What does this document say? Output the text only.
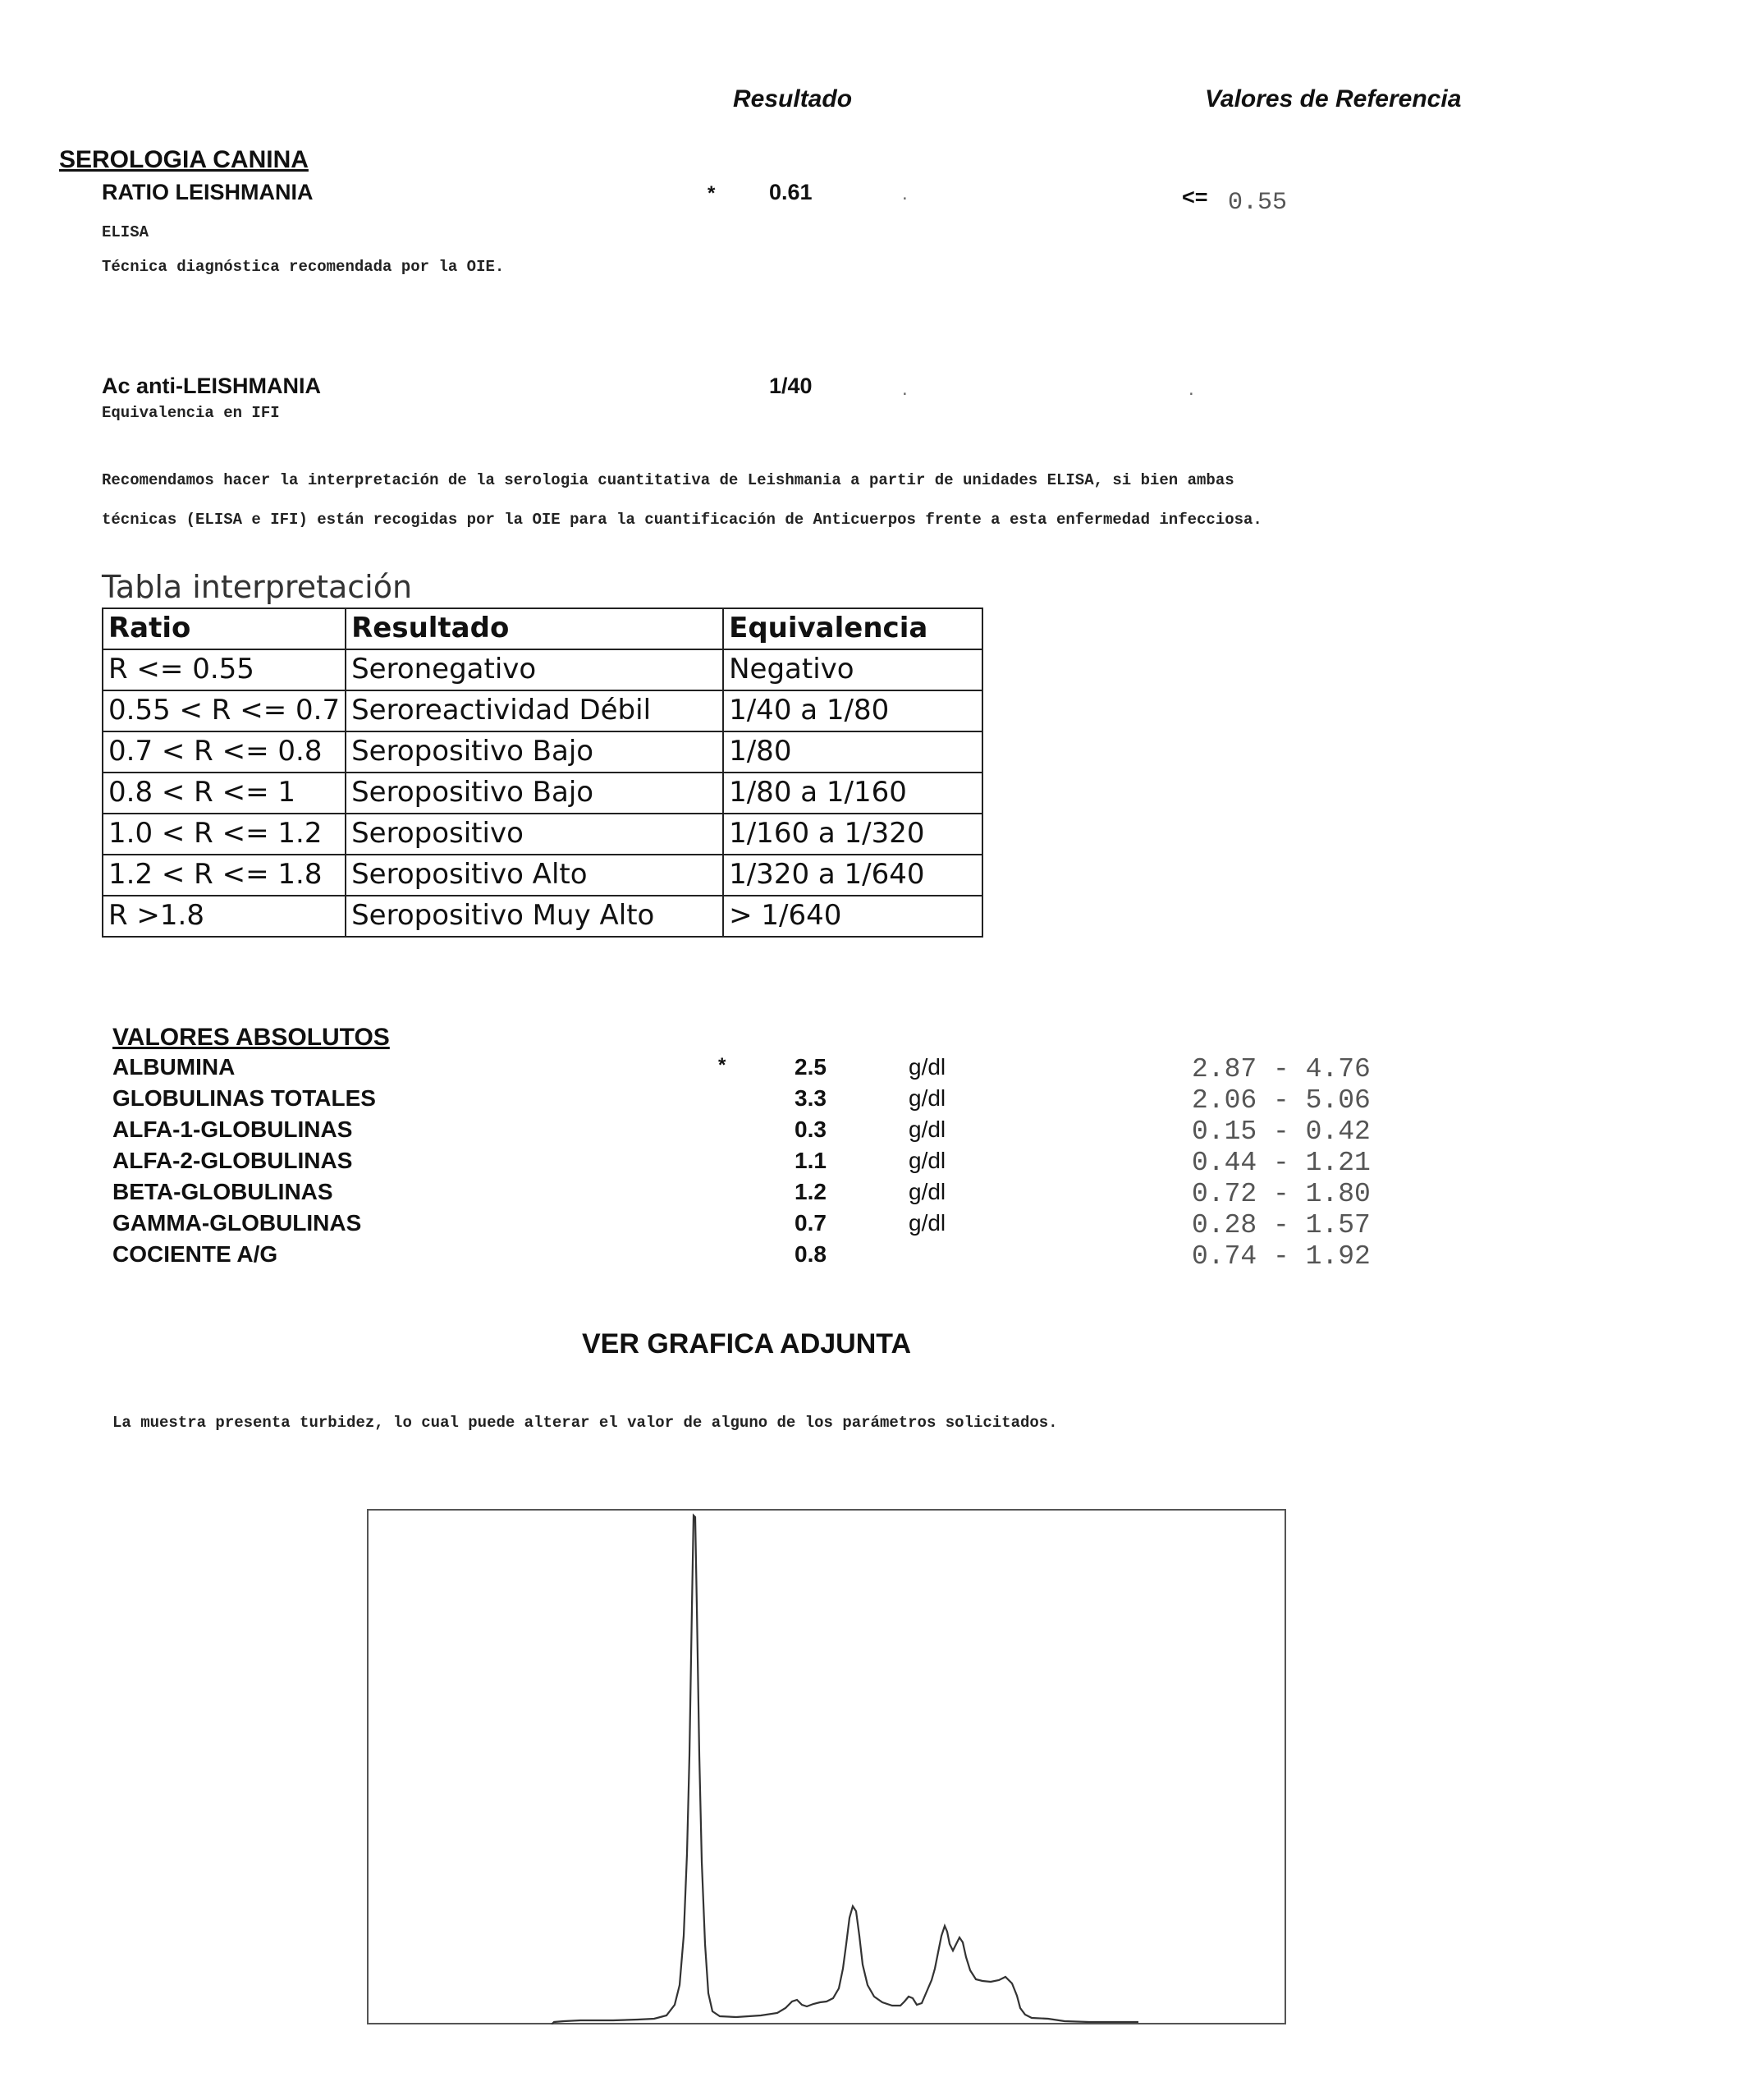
Resultado	Valores de Referencia
SEROLOGIA CANINA
RATIO LEISHMANIA	* 0.61	.	<= 0.55
ELISA
Técnica diagnóstica recomendada por la OIE.
Ac anti-LEISHMANIA	1/40	.	.
Equivalencia en IFI
Recomendamos hacer la interpretación de la serologia cuantitativa de Leishmania a partir de unidades ELISA, si bien ambas
técnicas (ELISA e IFI) están recogidas por la OIE para la cuantificación de Anticuerpos frente a esta enfermedad infecciosa.
Tabla interpretación
Ratio	Resultado	Equivalencia
R <= 0.55	Seronegativo	Negativo
0.55 < R <= 0.7	Seroreactividad Débil	1/40 a 1/80
0.7 < R <= 0.8	Seropositivo Bajo	1/80
0.8 < R <= 1	Seropositivo Bajo	1/80 a 1/160
1.0 < R <= 1.2	Seropositivo	1/160 a 1/320
1.2 < R <= 1.8	Seropositivo Alto	1/320 a 1/640
R >1.8	Seropositivo Muy Alto	> 1/640
VALORES ABSOLUTOS
ALBUMINA	*	2.5	g/dl	2.87 - 4.76
GLOBULINAS TOTALES	3.3	g/dl	2.06 - 5.06
ALFA-1-GLOBULINAS	0.3	g/dl	0.15 - 0.42
ALFA-2-GLOBULINAS	1.1	g/dl	0.44 - 1.21
BETA-GLOBULINAS	1.2	g/dl	0.72 - 1.80
GAMMA-GLOBULINAS	0.7	g/dl	0.28 - 1.57
COCIENTE A/G	0.8	0.74 - 1.92
VER GRAFICA ADJUNTA
La muestra presenta turbidez, lo cual puede alterar el valor de alguno de los parámetros solicitados.
